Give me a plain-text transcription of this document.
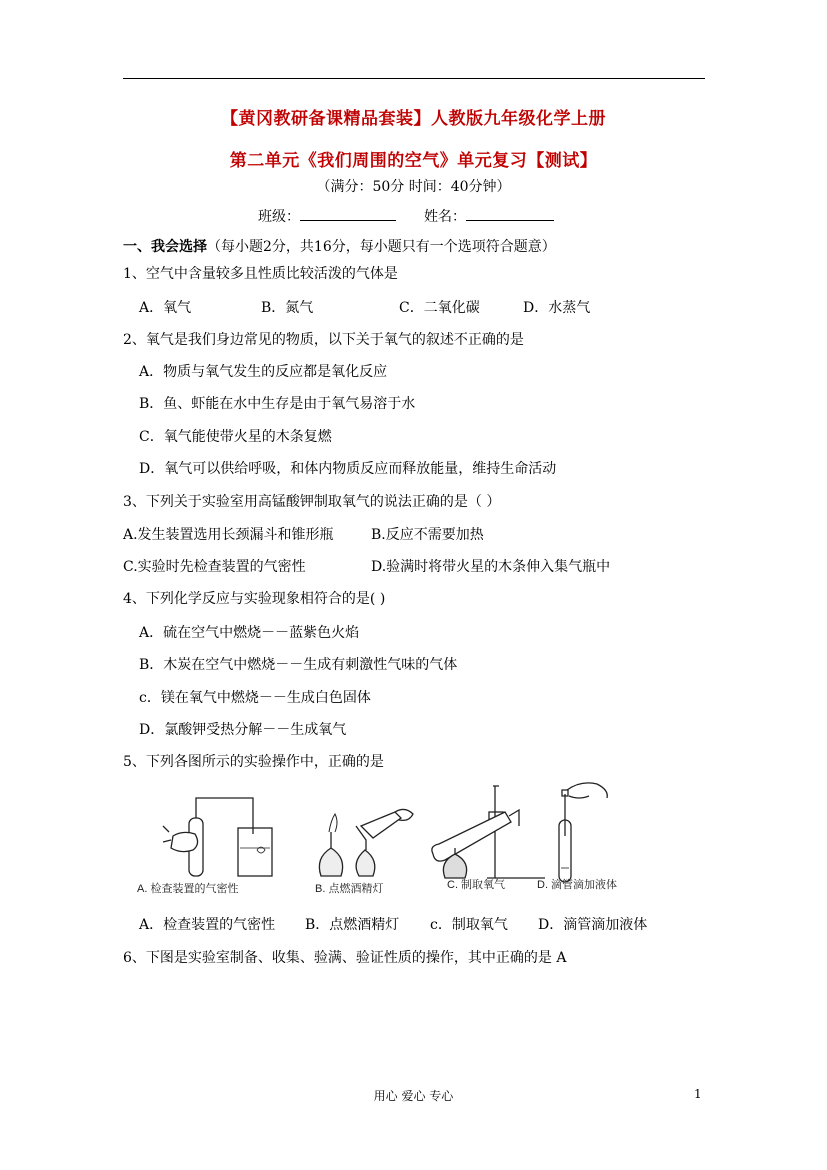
【黄冈教研备课精品套装】人教版九年级化学上册
第二单元《我们周围的空气》单元复习【测试】
（满分：50分 时间：40分钟）
班级：	姓名：
一、我会选择（每小题2分，共16分，每小题只有一个选项符合题意）
1、空气中含量较多且性质比较活泼的气体是
A．氧气	B．氮气	C．二氧化碳	D．水蒸气
2、氧气是我们身边常见的物质，以下关于氧气的叙述不正确的是
A．物质与氧气发生的反应都是氧化反应
B．鱼、虾能在水中生存是由于氧气易溶于水
C．氧气能使带火星的木条复燃
D．氧气可以供给呼吸，和体内物质反应而释放能量，维持生命活动
3、下列关于实验室用高锰酸钾制取氧气的说法正确的是（ ）
A.发生装置选用长颈漏斗和锥形瓶	B.反应不需要加热
C.实验时先检查装置的气密性	D.验满时将带火星的木条伸入集气瓶中
4、下列化学反应与实验现象相符合的是( )
A．硫在空气中燃烧－－蓝紫色火焰
B．木炭在空气中燃烧－－生成有刺激性气味的气体
c．镁在氧气中燃烧－－生成白色固体
D．氯酸钾受热分解－－生成氧气
5、下列各图所示的实验操作中，正确的是
A. 检查装置的气密性	B. 点燃酒精灯	C. 制取氧气	D. 滴管滴加液体
A．检查装置的气密性 B．点燃酒精灯 c．制取氧气 D．滴管滴加液体
6、下图是实验室制备、收集、验满、验证性质的操作，其中正确的是 A
用心 爱心 专心	1
